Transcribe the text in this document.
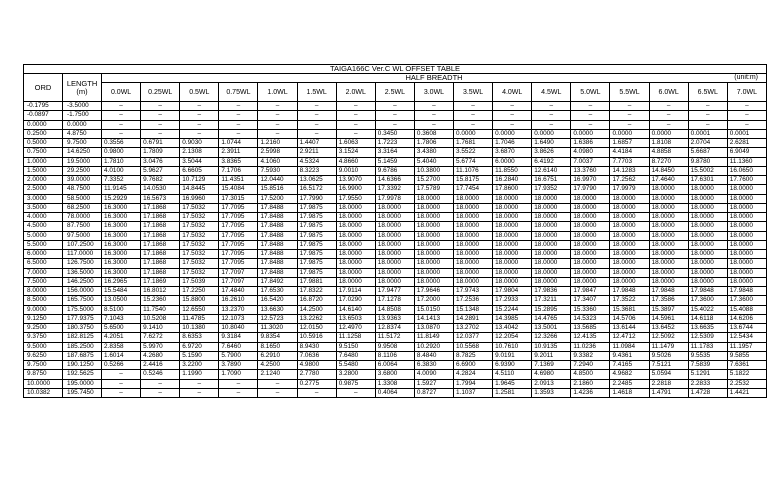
TAIGA166C Ver.C WL OFFSET TABLE																		
ORD	LENGTH
(m)	HALF BREADTH (unit:m)																

		0.0WL	0.25WL	0.5WL	0.75WL	1.0WL	1.5WL	2.0WL	2.5WL	3.0WL	3.5WL	4.0WL	4.5WL	5.0WL	5.5WL	6.0WL	6.5WL	7.0WL
-0.1795	-3.5000	–	–	–	–	–	–	–	–	–	–	–	–	–	–	–	–	–
-0.0897	-1.7500	–	–	–	–	–	–	–	–	–	–	–	–	–	–	–	–	–
0.0000	0.0000	–	–	–	–	–	–	–	–	–	–	–	–	–	–	–	–	–
0.2500	4.8750	–	–	–	–	–	–	–	0.3450	0.3608	0.0000	0.0000	0.0000	0.0000	0.0000	0.0000	0.0001	0.0001
0.5000	9.7500	0.3556	0.6791	0.9030	1.0744	1.2160	1.4407	1.6063	1.7223	1.7806	1.7681	1.7046	1.6490	1.6386	1.6857	1.8108	2.0704	2.6281
0.7500	14.6250	0.9800	1.7809	2.1308	2.3911	2.5998	2.9211	3.1524	3.3164	3.4380	3.5522	3.6870	3.8626	4.0980	4.4184	4.8858	5.6687	6.9049
1.0000	19.5000	1.7810	3.0476	3.5044	3.8365	4.1060	4.5324	4.8660	5.1459	5.4040	5.6774	6.0000	6.4192	7.0037	7.7703	8.7270	9.8780	11.1360
1.5000	29.2500	4.0100	5.9627	6.6605	7.1706	7.5930	8.3223	9.0010	9.6786	10.3800	11.1076	11.8550	12.6140	13.3760	14.1283	14.8450	15.5002	16.0650
2.0000	39.0000	7.3352	9.7682	10.7129	11.4351	12.0440	13.0625	13.9070	14.6366	15.2700	15.8175	16.2840	16.6751	16.9970	17.2562	17.4640	17.6301	17.7600
2.5000	48.7500	11.9145	14.0530	14.8445	15.4084	15.8516	16.5172	16.9900	17.3392	17.5789	17.7454	17.8600	17.9352	17.9790	17.9979	18.0000	18.0000	18.0000
3.0000	58.5000	15.2929	16.5673	16.9960	17.3015	17.5200	17.7990	17.9550	17.9978	18.0000	18.0000	18.0000	18.0000	18.0000	18.0000	18.0000	18.0000	18.0000
3.5000	68.2500	16.3000	17.1868	17.5032	17.7095	17.8488	17.9875	18.0000	18.0000	18.0000	18.0000	18.0000	18.0000	18.0000	18.0000	18.0000	18.0000	18.0000
4.0000	78.0000	16.3000	17.1868	17.5032	17.7095	17.8488	17.9875	18.0000	18.0000	18.0000	18.0000	18.0000	18.0000	18.0000	18.0000	18.0000	18.0000	18.0000
4.5000	87.7500	16.3000	17.1868	17.5032	17.7095	17.8488	17.9875	18.0000	18.0000	18.0000	18.0000	18.0000	18.0000	18.0000	18.0000	18.0000	18.0000	18.0000
5.0000	97.5000	16.3000	17.1868	17.5032	17.7095	17.8488	17.9875	18.0000	18.0000	18.0000	18.0000	18.0000	18.0000	18.0000	18.0000	18.0000	18.0000	18.0000
5.5000	107.2500	16.3000	17.1868	17.5032	17.7095	17.8488	17.9875	18.0000	18.0000	18.0000	18.0000	18.0000	18.0000	18.0000	18.0000	18.0000	18.0000	18.0000
6.0000	117.0000	16.3000	17.1868	17.5032	17.7095	17.8488	17.9875	18.0000	18.0000	18.0000	18.0000	18.0000	18.0000	18.0000	18.0000	18.0000	18.0000	18.0000
6.5000	126.7500	16.3000	17.1868	17.5032	17.7095	17.8488	17.9875	18.0000	18.0000	18.0000	18.0000	18.0000	18.0000	18.0000	18.0000	18.0000	18.0000	18.0000
7.0000	136.5000	16.3000	17.1868	17.5032	17.7097	17.8488	17.9875	18.0000	18.0000	18.0000	18.0000	18.0000	18.0000	18.0000	18.0000	18.0000	18.0000	18.0000
7.5000	146.2500	16.2965	17.1869	17.5039	17.7097	17.8492	17.9881	18.0000	18.0000	18.0000	18.0000	18.0000	18.0000	18.0000	18.0000	18.0000	18.0000	18.0000
8.0000	156.0000	15.5484	16.8012	17.2250	17.4840	17.6530	17.8322	17.9114	17.9477	17.9646	17.9743	17.9804	17.9836	17.9847	17.9848	17.9848	17.9848	17.9848
8.5000	165.7500	13.0500	15.2360	15.8800	16.2610	16.5420	16.8720	17.0290	17.1278	17.2000	17.2536	17.2933	17.3211	17.3407	17.3522	17.3586	17.3600	17.3600
9.0000	175.5000	8.5100	11.7540	12.6550	13.2370	13.6630	14.2500	14.6140	14.8508	15.0150	15.1348	15.2244	15.2895	15.3360	15.3681	15.3897	15.4022	15.4088
9.1250	177.9375	7.1043	10.5208	11.4785	12.1073	12.5723	13.2262	13.6503	13.9363	14.1413	14.2891	14.3985	14.4765	14.5323	14.5706	14.5961	14.6118	14.6206
9.2500	180.3750	5.6500	9.1410	10.1380	10.8040	11.3020	12.0150	12.4970	12.8374	13.0870	13.2702	13.4042	13.5001	13.5685	13.6144	13.6452	13.6635	13.6744
9.3750	182.8125	4.2051	7.6272	8.6353	9.3184	9.8354	10.5916	11.1258	11.5172	11.8149	12.0377	12.2054	12.3266	12.4135	12.4712	12.5092	12.5309	12.5434
9.5000	185.2500	2.8358	5.9970	6.9720	7.6460	8.1650	8.9430	9.5150	9.9508	10.2920	10.5568	10.7610	10.9135	11.0236	11.0984	11.1479	11.1783	11.1957
9.6250	187.6875	1.6014	4.2680	5.1590	5.7900	6.2910	7.0636	7.6480	8.1106	8.4840	8.7825	9.0191	9.2011	9.3382	9.4361	9.5026	9.5535	9.5855
9.7500	190.1250	0.5266	2.4416	3.2200	3.7890	4.2500	4.9800	5.5480	6.0064	6.3830	6.6900	6.9390	7.1369	7.2940	7.4165	7.5121	7.5839	7.6361
9.8750	192.5625	–	0.5246	1.1990	1.7090	2.1240	2.7780	3.2800	3.6800	4.0090	4.2824	4.5110	4.6980	4.8500	4.9682	5.0594	5.1291	5.1822
10.0000	195.0000	–	–	–	–	–	0.2775	0.9875	1.3308	1.5927	1.7994	1.9645	2.0913	2.1860	2.2485	2.2818	2.2833	2.2532
10.0382	195.7450	–	–	–	–	–	–	–	0.4064	0.8727	1.1037	1.2581	1.3593	1.4236	1.4618	1.4791	1.4728	1.4421
